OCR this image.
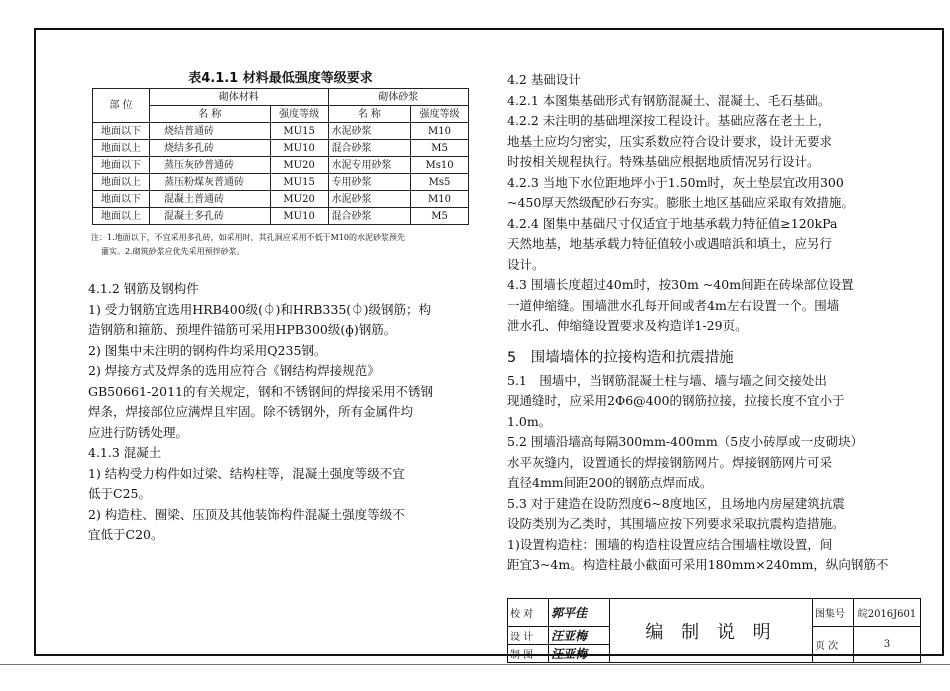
表4.1.1 材料最低强度等级要求
部 位	砌体材料		砌体砂浆	
	名 称	强度等级	名 称	强度等级
地面以下	烧结普通砖	MU15	水泥砂浆	M10
地面以上	烧结多孔砖	MU10	混合砂浆	M5
地面以下	蒸压灰砂普通砖	MU20	水泥专用砂浆	Ms10
地面以上	蒸压粉煤灰普通砖	MU15	专用砂浆	Ms5
地面以下	混凝土普通砖	MU20	水泥砂浆	M10
地面以上	混凝土多孔砖	MU10	混合砂浆	M5
注：1.地面以下，不宜采用多孔砖，如采用时，其孔洞应采用不低于M10的水泥砂浆预先
灌实。2.砌筑砂浆应优先采用预拌砂浆。

4.1.2 钢筋及钢构件

1) 受力钢筋宜选用HRB400级(⏀)和HRB335(⏀)级钢筋；构

造钢筋和箍筋、预埋件锚筋可采用HPB300级(ɸ)钢筋。

2) 图集中未注明的钢构件均采用Q235钢。

2) 焊接方式及焊条的选用应符合《钢结构焊接规范》

GB50661-2011的有关规定，钢和不锈钢间的焊接采用不锈钢

焊条，焊接部位应满焊且牢固。除不锈钢外，所有金属件均

应进行防锈处理。

4.1.3 混凝土

1) 结构受力构件如过梁、结构柱等，混凝土强度等级不宜

低于C25。

2) 构造柱、圈梁、压顶及其他装饰构件混凝土强度等级不

宜低于C20。

4.2 基础设计

4.2.1 本图集基础形式有钢筋混凝土、混凝土、毛石基础。

4.2.2 未注明的基础埋深按工程设计。基础应落在老土上，

地基土应均匀密实，压实系数应符合设计要求，设计无要求

时按相关规程执行。特殊基础应根据地质情况另行设计。

4.2.3 当地下水位距地坪小于1.50m时，灰土垫层宜改用300

~450厚天然级配砂石夯实。膨胀土地区基础应采取有效措施。

4.2.4 图集中基础尺寸仅适宜于地基承载力特征值≥120kPa

天然地基，地基承载力特征值较小或遇暗浜和填土，应另行

设计。

4.3 围墙长度超过40m时，按30m ~40m间距在砖垛部位设置

一道伸缩缝。围墙泄水孔每开间或者4m左右设置一个。围墙

泄水孔、伸缩缝设置要求及构造详1-29页。

5　围墙墙体的拉接构造和抗震措施

5.1　围墙中，当钢筋混凝土柱与墙、墙与墙之间交接处出

现通缝时，应采用2Φ6@400的钢筋拉接，拉接长度不宜小于

1.0m。

5.2 围墙沿墙高每隔300mm-400mm（5皮小砖厚或一皮砌块）

水平灰缝内，设置通长的焊接钢筋网片。焊接钢筋网片可采

直径4mm间距200的钢筋点焊而成。

5.3 对于建造在设防烈度6~8度地区，且场地内房屋建筑抗震

设防类别为乙类时，其围墙应按下列要求采取抗震构造措施。

1)设置构造柱：围墙的构造柱设置应结合围墙柱墩设置，间

距宜3~4m。构造柱最小截面可采用180mm×240mm，纵向钢筋不

校 对	郭平佳	编 制 说 明	图集号	皖2016J601
设 计	汪亚梅		页 次	3
制 图	汪亚梅			
